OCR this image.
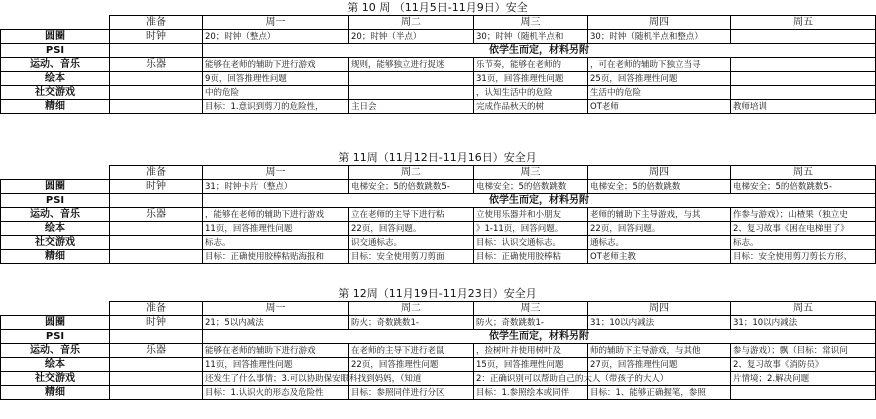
第 10 周 （11月5日-11月9日）安全
	准备	周一	周二	周三	周四	周五
圆圈	时钟	20；时钟（整点）	20；时钟（半点）	30；时钟（随机半点和	30；时钟（随机半点和整点）	
PSI		依学生而定，材料另附				
运动、音乐	乐器	能够在老师的辅助下进行游戏	规则，能够独立进行捉迷	乐节奏，能够在老师的	，可在老师的辅助下独立当寻	
绘本		9页，回答推理性问题		31页，回答推理性问题	25页，回答推理性问题	
社交游戏		中的危险		，认知生活中的危险	生活中的危险	
精细		目标：1.意识到剪刀的危险性，	主日会	完成作品秋天的树	OT老师	教师培训
第 11周（11月12日-11月16日）安全月
	准备	周一	周二	周三	周四	周五
圆圈	时钟	31；时钟卡片（整点）	电梯安全；5的倍数跳数5-	电梯安全；5的倍数跳数	电梯安全；5的倍数跳数	电梯安全；5的倍数跳数5-
PSI		依学生而定，材料另附				
运动、音乐	乐器	，能够在老师的辅助下进行游戏	立在老师的主导下进行粘	立使用乐器并和小朋友	老师的辅助下主导游戏，与其	作参与游戏）；山楂果（独立史
绘本		11页，回答推理性问题	22页，回答问题。	》1-11页，回答问题。	22页，回答问题。	2、复习故事《困在电梯里了》
社交游戏		标志。	识交通标志。	目标：认识交通标志。	通标志。	标志。
精细		目标：正确使用胶棒粘贴海报和	目标：安全使用剪刀剪面	目标：正确使用胶棒粘	OT老师主教	目标：安全使用剪刀剪长方形、
第 12周（11月19日-11月23日）安全月
	准备	周一	周二	周三	周四	周五
圆圈	时钟	21；5以内减法	防火；奇数跳数1-	防火；奇数跳数1-	31；10以内减法	31；10以内减法
PSI		依学生而定，材料另附				
运动、音乐	乐器	能够在老师的辅助下进行游戏	在老师的主导下进行老鼠	，捡树叶并使用树叶及	师的辅助下主导游戏，与其他	参与游戏）；飘（目标：常识问
绘本		11页，回答推理性问题	22页，回答推理性问题	15页，回答推理性问题	27页，回答推理性问题	2、复习故事《消防员》
社交游戏		还发生了什么事情；3.可以协助保安眼科找到妈妈，（知道		2：正确识别可以帮助自己的大人（带孩子的大人）		片情境；2.解决问题
精细		目标：1.认识火的形态及危险性	目标：参照同伴进行分区	目标：1.参照绘本或同伴	目标：1、能够正确握笔，参照	
